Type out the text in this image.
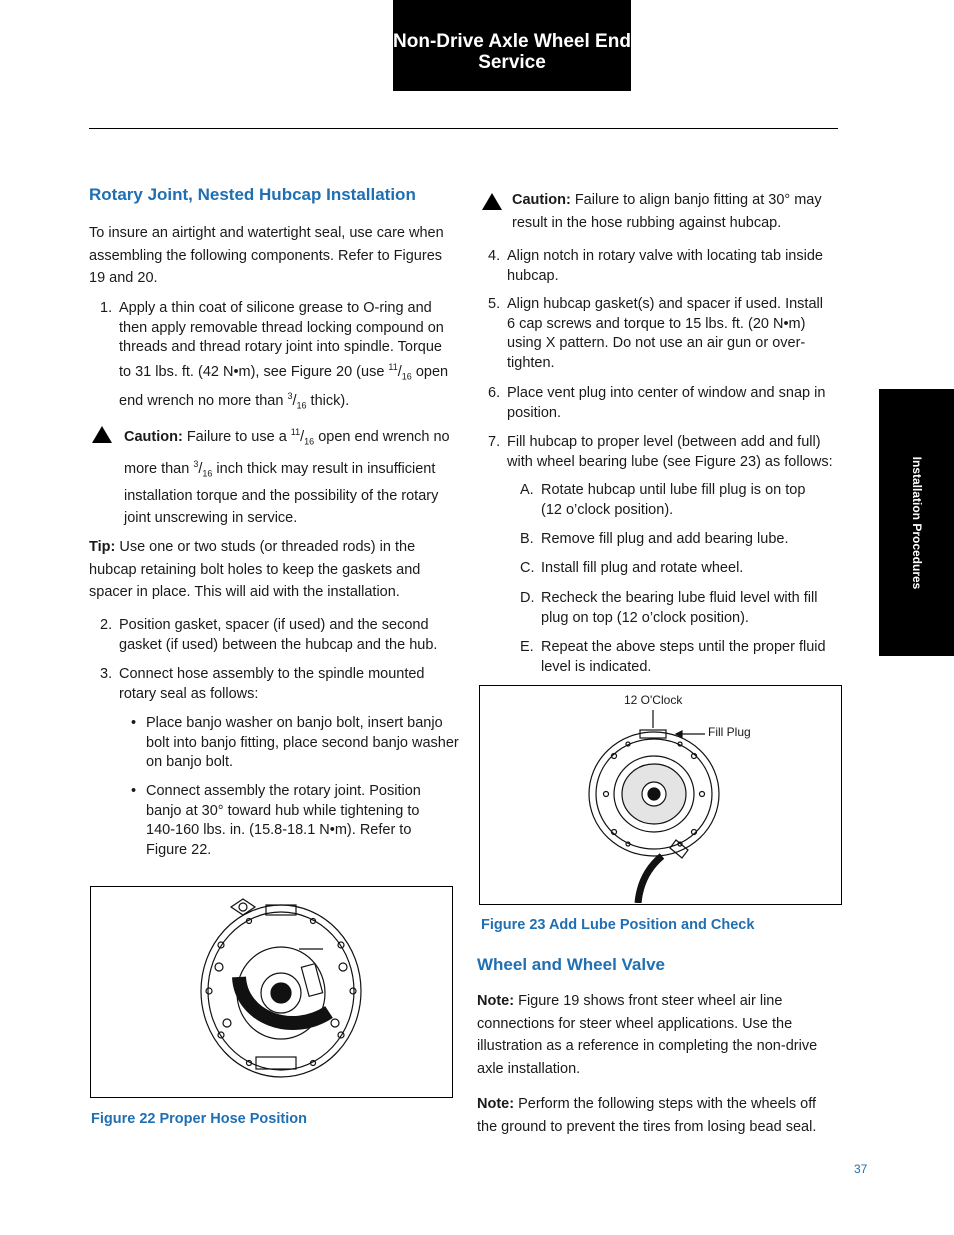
Non-Drive Axle Wheel End
Service
Installation Procedures
Rotary Joint, Nested Hubcap Installation

To insure an airtight and watertight seal, use care when assembling the following components. Refer to Figures 19 and 20.

1. Apply a thin coat of silicone grease to O-ring and
then apply removable thread locking compound on
threads and thread rotary joint into spindle. Torque
to 31 lbs. ft. (42 N•m), see Figure 20 (use $^{11}/_{16}$ open
end wrench no more than $^3/_{16}$ thick).
Caution: Failure to use a $^{11}/_{16}$ open end wrench no
more than $^3/_{16}$ inch thick may result in insufficient
installation torque and the possibility of the rotary
joint unscrewing in service.
Tip: Use one or two studs (or threaded rods) in the
hubcap retaining bolt holes to keep the gaskets and
spacer in place. This will aid with the installation.
2. Position gasket, spacer (if used) and the second
gasket (if used) between the hubcap and the hub.
3. Connect hose assembly to the spindle mounted
rotary seal as follows:
• Place banjo washer on banjo bolt, insert banjo
bolt into banjo fitting, place second banjo washer
on banjo bolt.
• Connect assembly the rotary joint. Position
banjo at 30° toward hub while tightening to
140-160 lbs. in. (15.8-18.1 N•m). Refer to
Figure 22.
Figure 22 Proper Hose Position
Caution: Failure to align banjo fitting at 30° may
result in the hose rubbing against hubcap.
4. Align notch in rotary valve with locating tab inside
hubcap.
5. Align hubcap gasket(s) and spacer if used. Install
6 cap screws and torque to 15 lbs. ft. (20 N•m)
using X pattern. Do not use an air gun or over-
tighten.
6. Place vent plug into center of window and snap in
position.
7. Fill hubcap to proper level (between add and full)
with wheel bearing lube (see Figure 23) as follows:
A. Rotate hubcap until lube fill plug is on top
(12 o’clock position).
B. Remove fill plug and add bearing lube.
C. Install fill plug and rotate wheel.
D. Recheck the bearing lube fluid level with fill
plug on top (12 o’clock position).
E. Repeat the above steps until the proper fluid
level is indicated.
12 O'Clock
Fill Plug
Figure 23 Add Lube Position and Check
Wheel and Wheel Valve
Note: Figure 19 shows front steer wheel air line
connections for steer wheel applications. Use the
illustration as a reference in completing the non-drive
axle installation.
Note: Perform the following steps with the wheels off
the ground to prevent the tires from losing bead seal.
37
